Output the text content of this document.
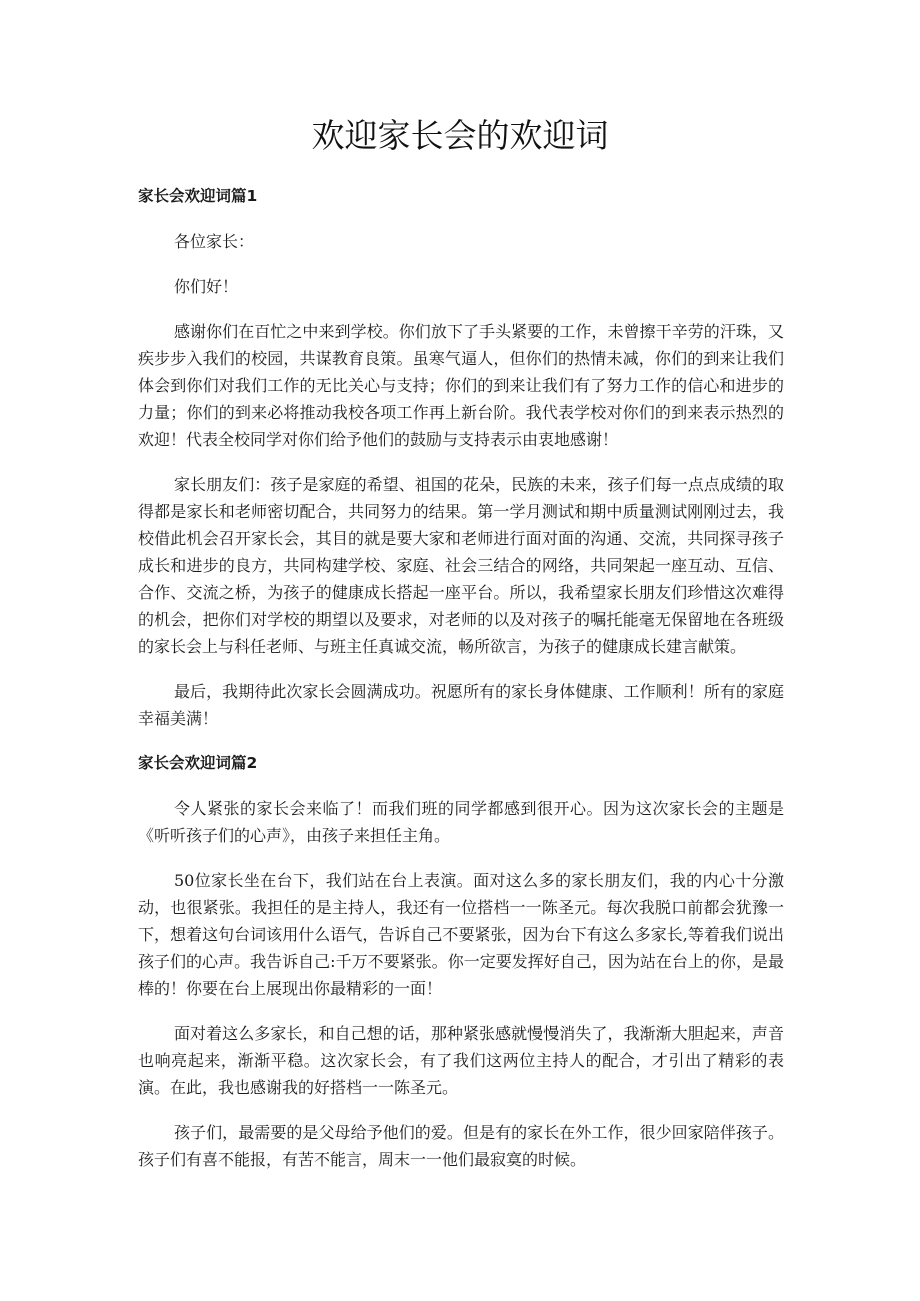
欢迎家长会的欢迎词
家长会欢迎词篇1

各位家长：

你们好！

感谢你们在百忙之中来到学校。你们放下了手头紧要的工作，未曾擦干辛劳的汗珠，又疾步步入我们的校园，共谋教育良策。虽寒气逼人，但你们的热情未减，你们的到来让我们体会到你们对我们工作的无比关心与支持；你们的到来让我们有了努力工作的信心和进步的力量；你们的到来必将推动我校各项工作再上新台阶。我代表学校对你们的到来表示热烈的欢迎！代表全校同学对你们给予他们的鼓励与支持表示由衷地感谢！

家长朋友们：孩子是家庭的希望、祖国的花朵，民族的未来，孩子们每一点点成绩的取得都是家长和老师密切配合，共同努力的结果。第一学月测试和期中质量测试刚刚过去，我校借此机会召开家长会，其目的就是要大家和老师进行面对面的沟通、交流，共同探寻孩子成长和进步的良方，共同构建学校、家庭、社会三结合的网络，共同架起一座互动、互信、合作、交流之桥，为孩子的健康成长搭起一座平台。所以，我希望家长朋友们珍惜这次难得的机会，把你们对学校的期望以及要求，对老师的以及对孩子的嘱托能毫无保留地在各班级的家长会上与科任老师、与班主任真诚交流，畅所欲言，为孩子的健康成长建言献策。

最后，我期待此次家长会圆满成功。祝愿所有的家长身体健康、工作顺利！所有的家庭幸福美满！

家长会欢迎词篇2

令人紧张的家长会来临了！而我们班的同学都感到很开心。因为这次家长会的主题是《听听孩子们的心声》，由孩子来担任主角。

50位家长坐在台下，我们站在台上表演。面对这么多的家长朋友们，我的内心十分激动，也很紧张。我担任的是主持人，我还有一位搭档一一陈圣元。每次我脱口前都会犹豫一下，想着这句台词该用什么语气，告诉自己不要紧张，因为台下有这么多家长,等着我们说出孩子们的心声。我告诉自己:千万不要紧张。你一定要发挥好自己，因为站在台上的你，是最棒的！你要在台上展现出你最精彩的一面！

面对着这么多家长，和自己想的话，那种紧张感就慢慢消失了，我渐渐大胆起来，声音也响亮起来，渐渐平稳。这次家长会，有了我们这两位主持人的配合，才引出了精彩的表演。在此，我也感谢我的好搭档一一陈圣元。

孩子们，最需要的是父母给予他们的爱。但是有的家长在外工作，很少回家陪伴孩子。孩子们有喜不能报，有苦不能言，周末一一他们最寂寞的时候。
